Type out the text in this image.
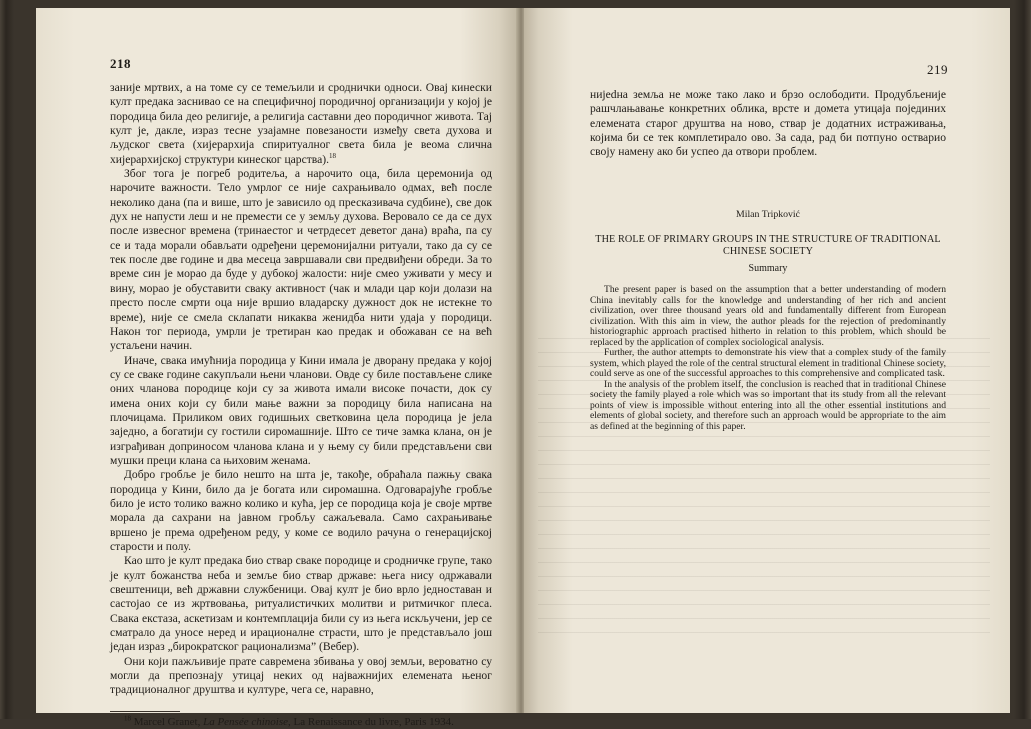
218

заније мртвих, а на томе су се темељили и сроднички односи. Овај кинески култ предака заснивао се на специфичној породичној организацији у којој је породица била део религије, а религија саставни део породичног живота. Тај култ је, дакле, израз тесне узајамне повезаности између света духова и људског света (хијерархија спиритуалног света била је веома слична хијерархијској структури кинеског царства).$^{18}$

Због тога је погреб родитеља, а нарочито оца, била церемонија од нарочите важности. Тело умрлог се није сахрањивало одмах, већ после неколико дана (па и више, што је зависило од пресказивача судбине), све док дух не напусти леш и не премести се у земљу духова. Веровало се да се дух после извесног времена (тринаестог и четрдесет деветог дана) враћа, па су се и тада морали обављати одређени церемонијални ритуали, тако да су се тек после две године и два месеца завршавали сви предвиђени обреди. За то време син је морао да буде у дубокој жалости: није смео уживати у месу и вину, морао је обуставити сваку активност (чак и млади цар који долази на престо после смрти оца није вршио владарску дужност док не истекне то време), није се смела склапати никаква женидба нити удаја у породици. Након тог периода, умрли је третиран као предак и обожаван се на већ устаљени начин.

Иначе, свака имућнија породица у Кини имала је дворану предака у којој су се сваке године сакупљали њени чланови. Овде су биле постављене слике оних чланова породице који су за живота имали високе почасти, док су имена оних који су били мање важни за породицу била написана на плочицама. Приликом ових годишњих светковина цела породица је јела заједно, а богатији су гостили сиромашније. Што се тиче замка клана, он је изграђиван доприносом чланова клана и у њему су били представљени сви мушки преци клана са њиховим женама.

Добро гробље је било нешто на шта је, такође, обраћала пажњу свака породица у Кини, било да је богата или сиромашна. Одговарајуће гробље било је исто толико важно колико и кућа, јер се породица која је своје мртве морала да сахрани на јавном гробљу сажаљевала. Само сахрањивање вршено је према одређеном реду, у коме се водило рачуна о генерацијској старости и полу.

Као што је култ предака био ствар сваке породице и сродничке групе, тако је култ божанства неба и земље био ствар државе: њега нису одржавали свештеници, већ државни службеници. Овај култ је био врло једноставан и састојао се из жртвовања, ритуалистичких молитви и ритмичког плеса. Свака екстаза, аскетизам и контемплација били су из њега искључени, јер се сматрало да уносе неред и ирационалне страсти, што је представљало још један израз „бирократског рационализма” (Вебер).

Они који пажљивије прате савремена збивања у овој земљи, вероватно су могли да препознају утицај неких од најважнијих елемената њеног традиционалног друштва и културе, чега се, наравно,

$^{18}$ Marcel Granet, La Pensée chinoise, La Renaissance du livre, Paris 1934.
219

нијedна земља не може тако лако и брзо ослободити. Продубљеније рашчлањавање конкретних облика, врсте и домета утицаја појединих елемената старог друштва на ново, ствар је додатних истраживања, којима би се тек комплетирало ово. За сада, рад би потпуно остварио своју намену ако би успео да отвори проблем.

Milan Tripković
THE ROLE OF PRIMARY GROUPS IN THE STRUCTURE OF TRADITIONAL
CHINESE SOCIETY
Summary

The present paper is based on the assumption that a better understanding of modern China inevitably calls for the knowledge and understanding of her rich and ancient civilization, over three thousand years old and fundamentally different from European civilization. With this aim in view, the author pleads for the rejection of predominantly historiographic approach practised hitherto in relation to this problem, which should be replaced by the application of complex sociological analysis.

Further, the author attempts to demonstrate his view that a complex study of the family system, which played the role of the central structural element in traditional Chinese society, could serve as one of the successful approaches to this comprehensive and complicated task.

In the analysis of the problem itself, the conclusion is reached that in traditional Chinese society the family played a role which was so important that its study from all the relevant points of view is impossible without entering into all the other essential institutions and elements of global society, and therefore such an approach would be appropriate to the aim as defined at the beginning of this paper.
